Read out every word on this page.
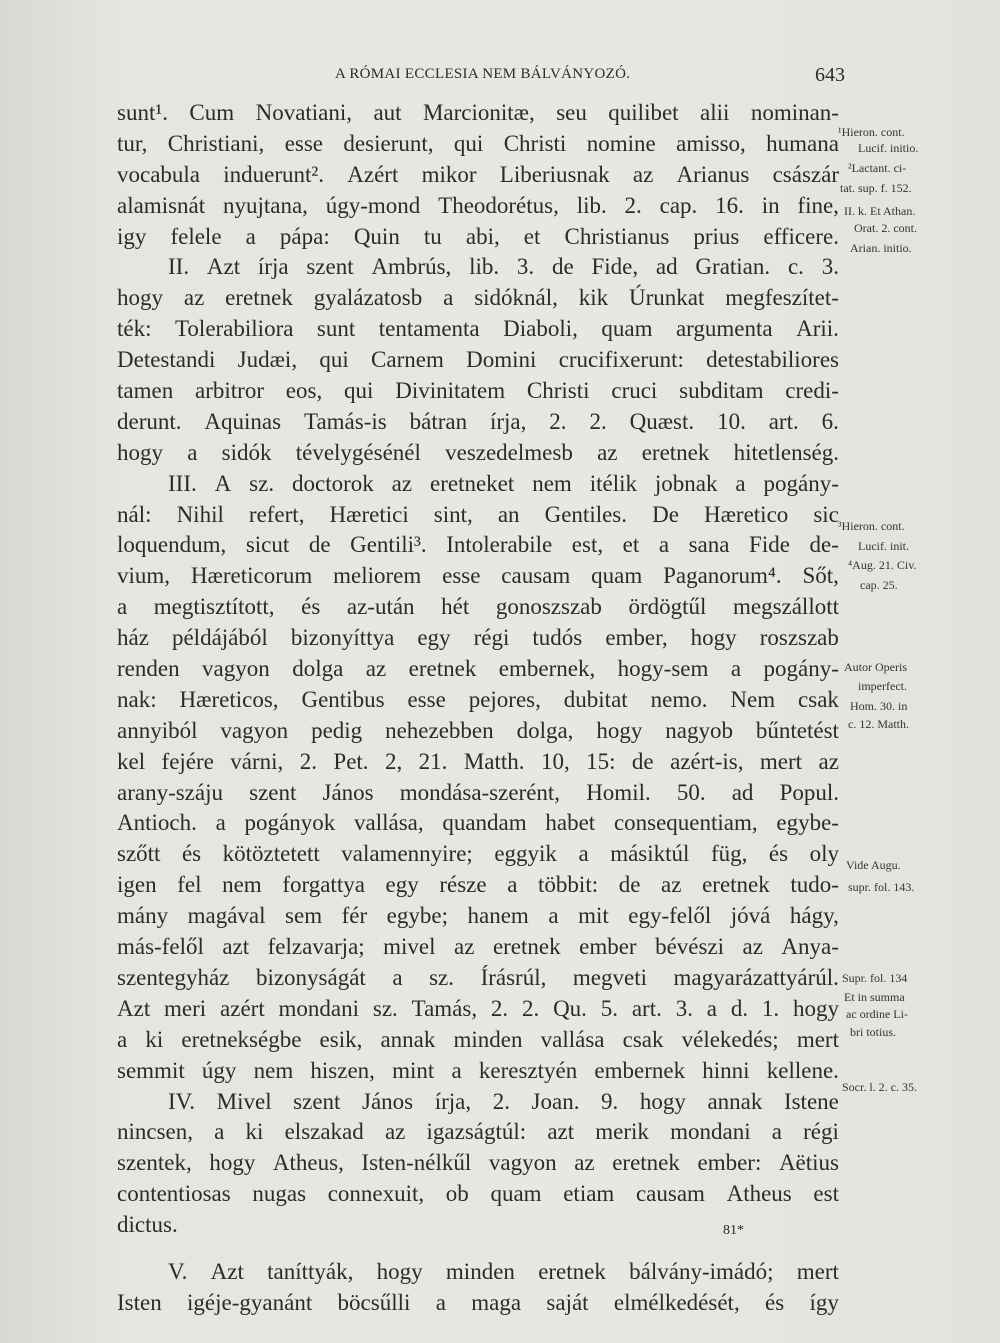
A RÓMAI ECCLESIA NEM BÁLVÁNYOZÓ.	643
sunt¹. Cum Novatiani, aut Marcionitæ, seu quilibet alii nominan-
tur, Christiani, esse desierunt, qui Christi nomine amisso, humana
vocabula induerunt². Azért mikor Liberiusnak az Arianus császár
alamisnát nyujtana, úgy-mond Theodorétus, lib. 2. cap. 16. in fine,
igy felele a pápa: Quin tu abi, et Christianus prius efficere.
II. Azt írja szent Ambrús, lib. 3. de Fide, ad Gratian. c. 3.
hogy az eretnek gyalázatosb a sidóknál, kik Úrunkat megfeszítet-
ték: Tolerabiliora sunt tentamenta Diaboli, quam argumenta Arii.
Detestandi Judæi, qui Carnem Domini crucifixerunt: detestabiliores
tamen arbitror eos, qui Divinitatem Christi cruci subditam credi-
derunt. Aquinas Tamás-is bátran írja, 2. 2. Quæst. 10. art. 6.
hogy a sidók tévelygésénél veszedelmesb az eretnek hitetlenség.
III. A sz. doctorok az eretneket nem itélik jobnak a pogány-
nál: Nihil refert, Hæretici sint, an Gentiles. De Hæretico sic
loquendum, sicut de Gentili³. Intolerabile est, et a sana Fide de-
vium, Hæreticorum meliorem esse causam quam Paganorum⁴. Sőt,
a megtisztított, és az-után hét gonoszszab ördögtűl megszállott
ház példájából bizonyíttya egy régi tudós ember, hogy roszszab
renden vagyon dolga az eretnek embernek, hogy-sem a pogány-
nak: Hæreticos, Gentibus esse pejores, dubitat nemo. Nem csak
annyiból vagyon pedig nehezebben dolga, hogy nagyob bűntetést
kel fejére várni, 2. Pet. 2, 21. Matth. 10, 15: de azért-is, mert az
arany-száju szent János mondása-szerént, Homil. 50. ad Popul.
Antioch. a pogányok vallása, quandam habet consequentiam, egybe-
szőtt és kötöztetett valamennyire; eggyik a másiktúl füg, és oly
igen fel nem forgattya egy része a többit: de az eretnek tudo-
mány magával sem fér egybe; hanem a mit egy-felől jóvá hágy,
más-felől azt felzavarja; mivel az eretnek ember bévészi az Anya-
szentegyház bizonyságát a sz. Írásrúl, megveti magyarázattyárúl.
Azt meri azért mondani sz. Tamás, 2. 2. Qu. 5. art. 3. a d. 1. hogy
a ki eretnekségbe esik, annak minden vallása csak vélekedés; mert
semmit úgy nem hiszen, mint a keresztyén embernek hinni kellene.
IV. Mivel szent János írja, 2. Joan. 9. hogy annak Istene
nincsen, a ki elszakad az igazságtúl: azt merik mondani a régi
szentek, hogy Atheus, Isten-nélkűl vagyon az eretnek ember: Aëtius
contentiosas nugas connexuit, ob quam etiam causam Atheus est
dictus.
V. Azt taníttyák, hogy minden eretnek bálvány-imádó; mert
Isten igéje-gyanánt böcsűlli a maga saját elmélkedését, és így
¹Hieron. cont.
Lucif. initio.
²Lactant. ci-
tat. sup. f. 152.
II. k. Et Athan.
Orat. 2. cont.
Arian. initio.
³Hieron. cont.
Lucif. init.
⁴Aug. 21. Civ.
cap. 25.
Autor Operis
imperfect.
Hom. 30. in
c. 12. Matth.
Vide Augu.
supr. fol. 143.
Supr. fol. 134
Et in summa
ac ordine Li-
bri totius.
Socr. l. 2. c. 35.
81*
